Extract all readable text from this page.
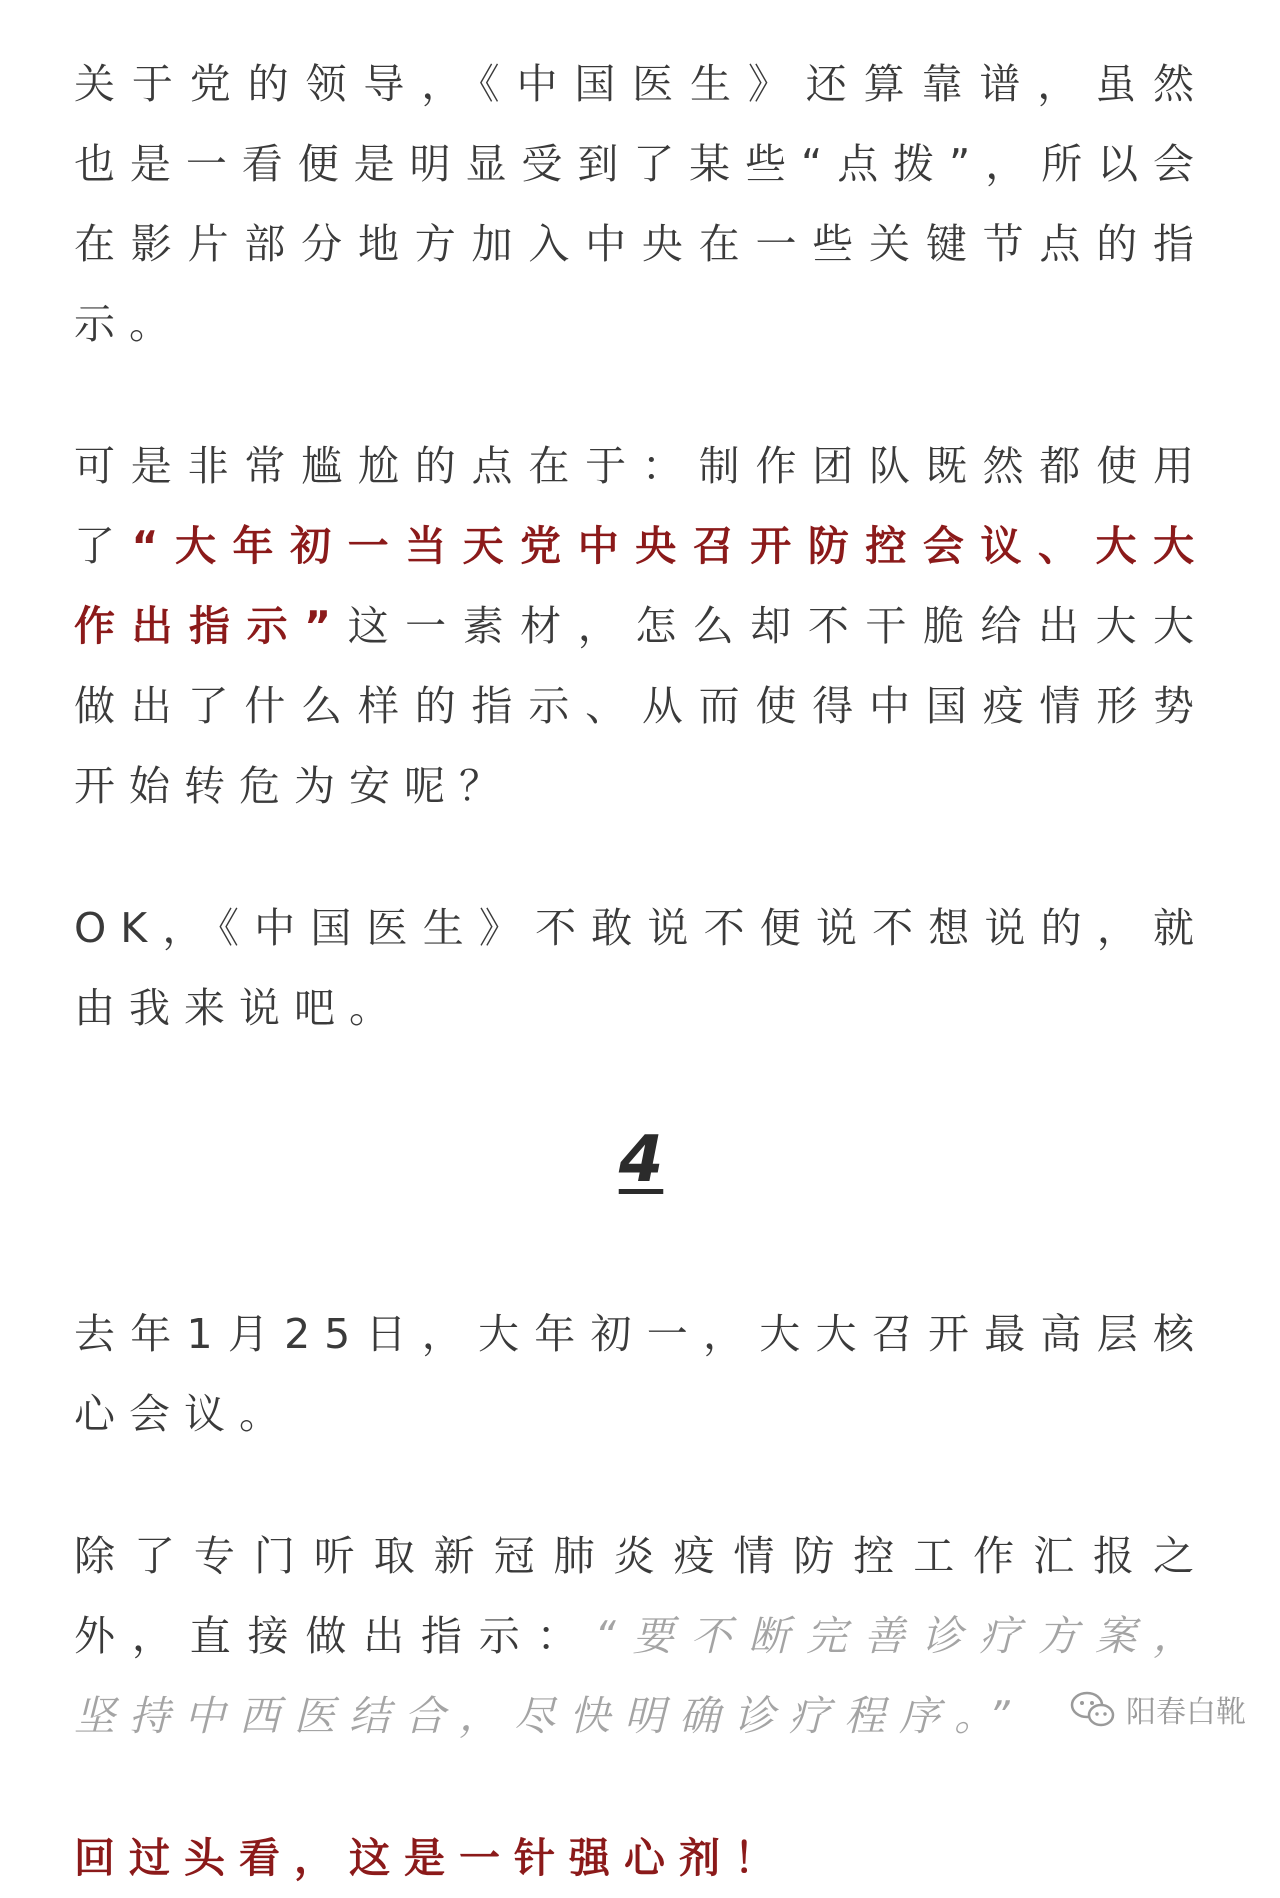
关于党的领导，《中国医生》还算靠谱，虽然也是一看便是明显受到了某些“点拨”，所以会在影片部分地方加入中央在一些关键节点的指示。

可是非常尴尬的点在于：制作团队既然都使用了“大年初一当天党中央召开防控会议、大大作出指示”这一素材，怎么却不干脆给出大大做出了什么样的指示、从而使得中国疫情形势开始转危为安呢？

OK，《中国医生》不敢说不便说不想说的，就由我来说吧。

4

去年1月25日，大年初一，大大召开最高层核心会议。

除了专门听取新冠肺炎疫情防控工作汇报之外，直接做出指示：“要不断完善诊疗方案，坚持中西医结合，尽快明确诊疗程序。”

回过头看，这是一针强心剂！

阳春白靴
